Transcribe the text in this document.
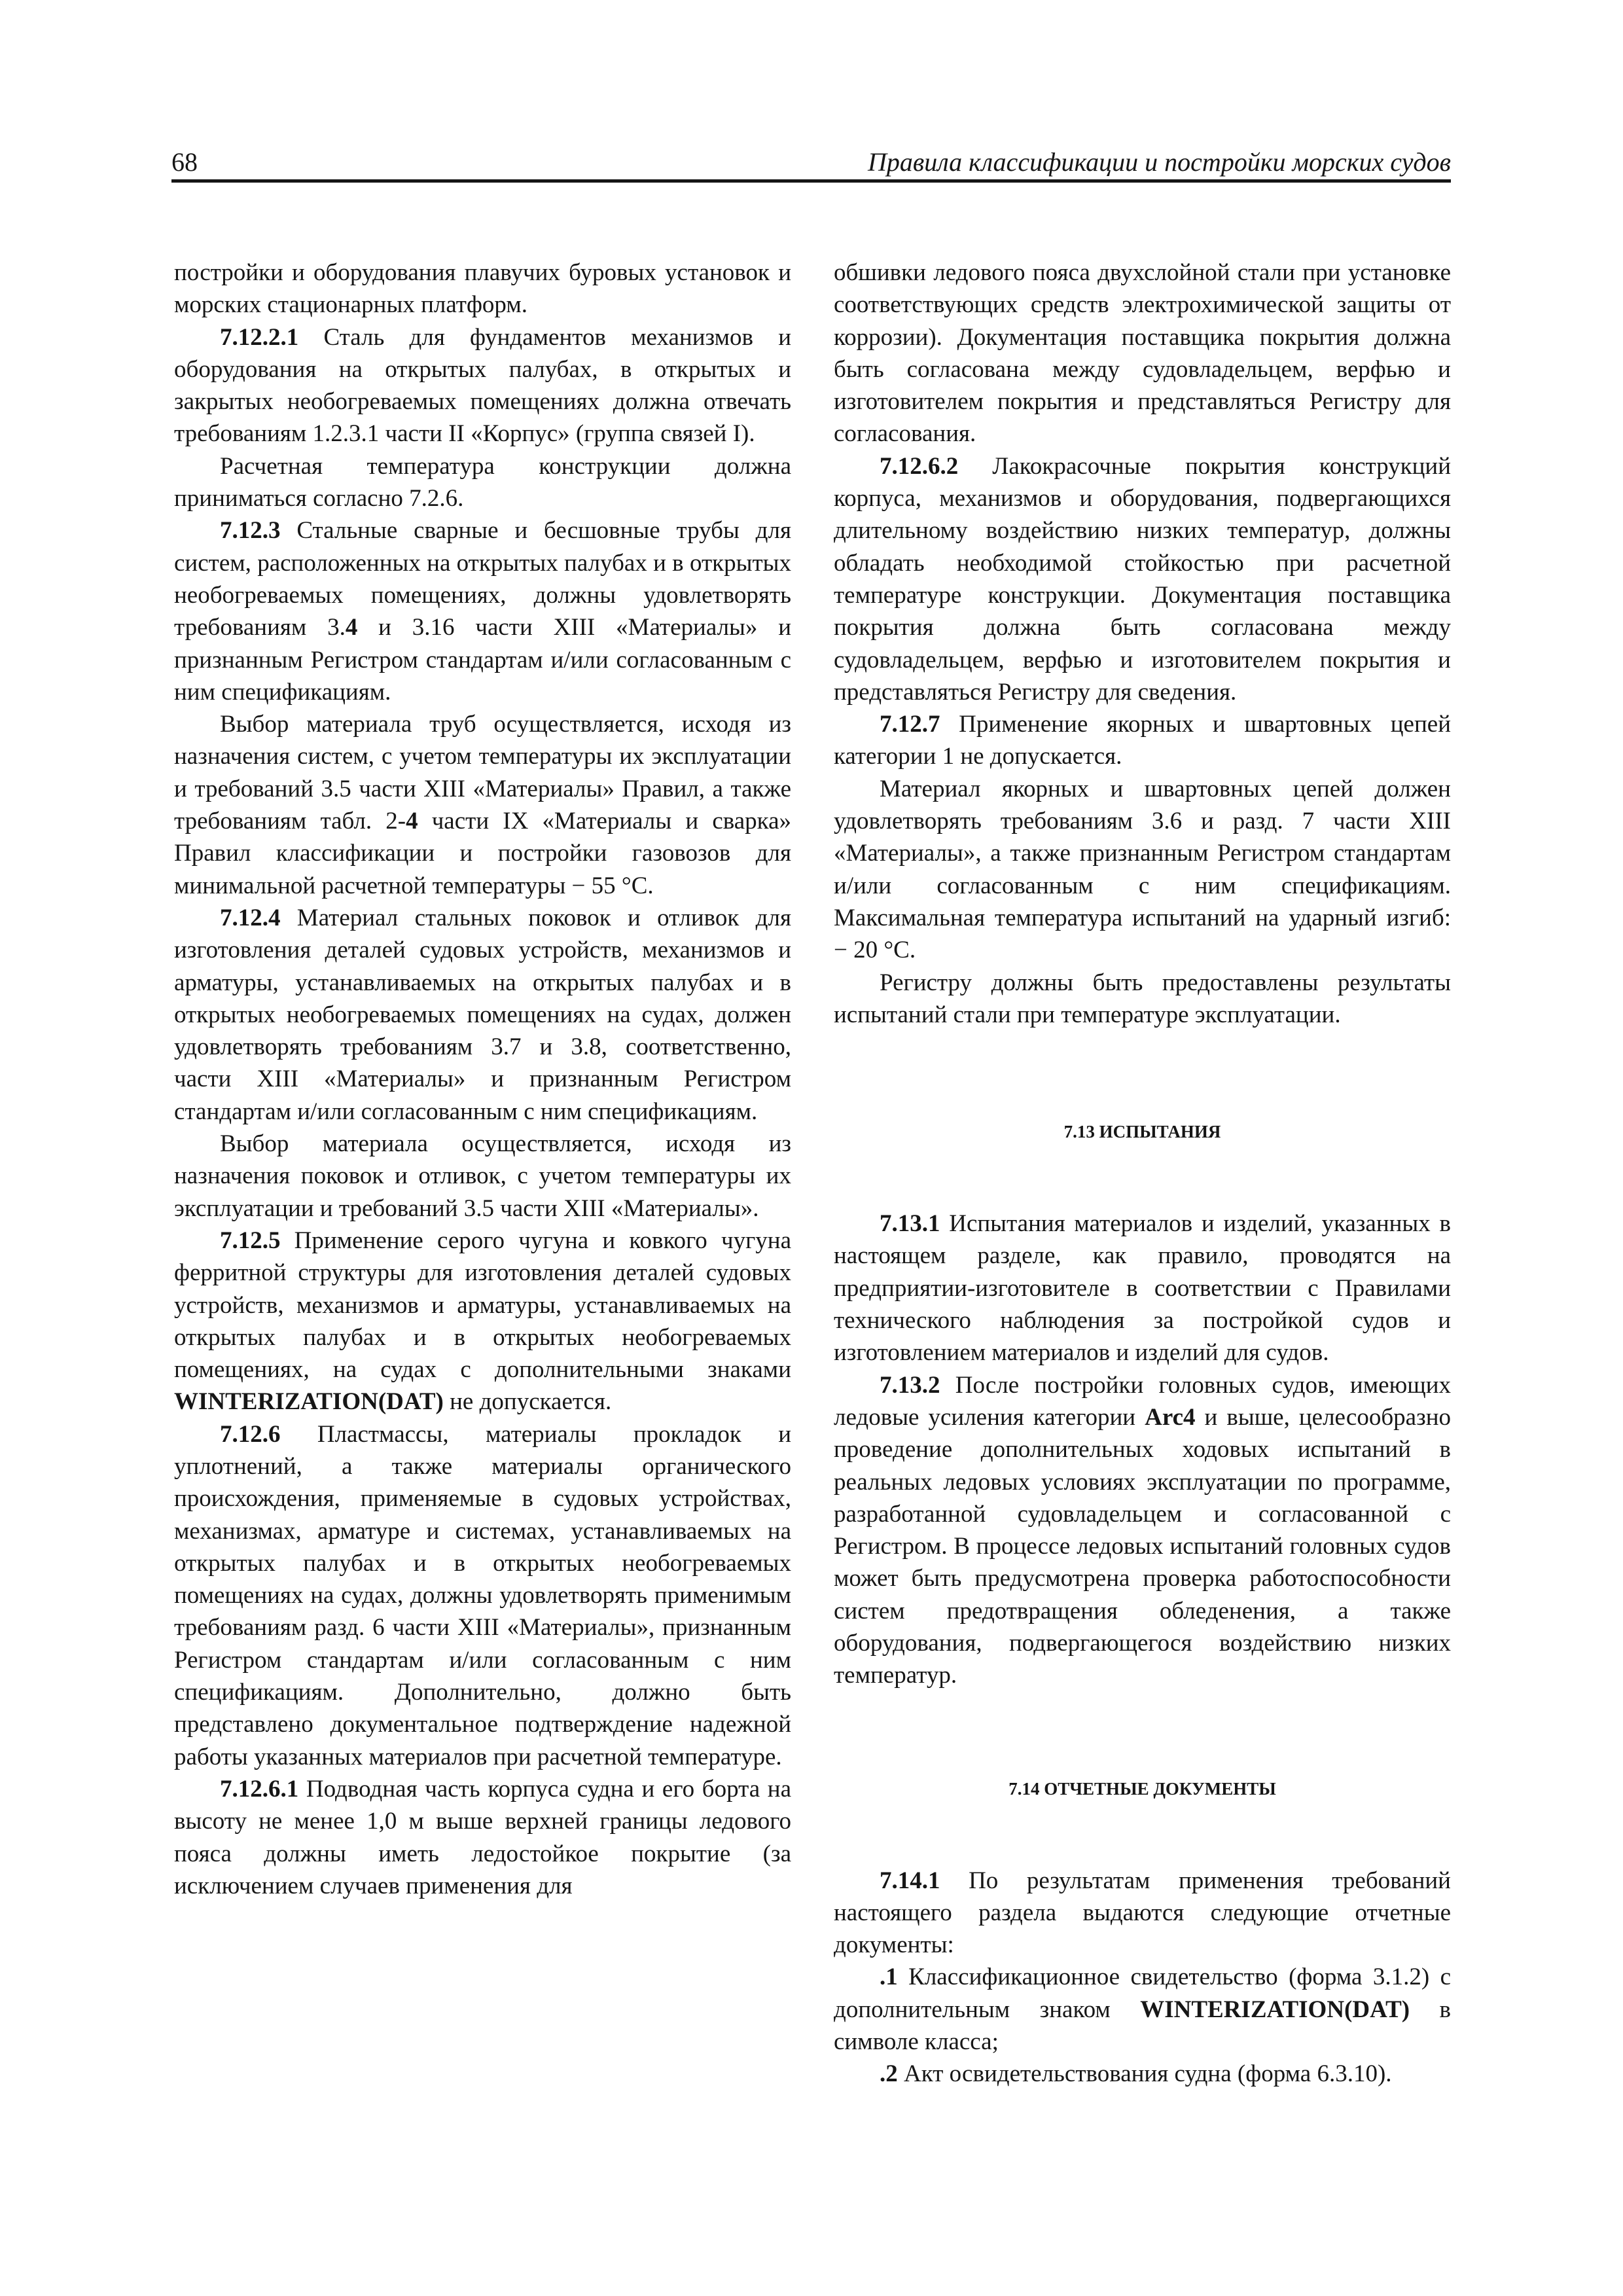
68	Правила классификации и постройки морских судов

постройки и оборудования плавучих буровых установок и морских стационарных платформ.

7.12.2.1 Сталь для фундаментов механизмов и оборудования на открытых палубах, в открытых и закрытых необогреваемых помещениях должна отвечать требованиям 1.2.3.1 части II «Корпус» (группа связей I).

Расчетная температура конструкции должна приниматься согласно 7.2.6.

7.12.3 Стальные сварные и бесшовные трубы для систем, расположенных на открытых палубах и в открытых необогреваемых помещениях, должны удовлетворять требованиям 3.4 и 3.16 части XIII «Материалы» и признанным Регистром стандартам и/или согласованным с ним спецификациям.

Выбор материала труб осуществляется, исходя из назначения систем, с учетом температуры их эксплуатации и требований 3.5 части XIII «Материалы» Правил, а также требованиям табл. 2-4 части IX «Материалы и сварка» Правил классификации и постройки газовозов для минимальной расчетной температуры − 55 °С.

7.12.4 Материал стальных поковок и отливок для изготовления деталей судовых устройств, механизмов и арматуры, устанавливаемых на открытых палубах и в открытых необогреваемых помещениях на судах, должен удовлетворять требованиям 3.7 и 3.8, соответственно, части XIII «Материалы» и признанным Регистром стандартам и/или согласованным с ним спецификациям.

Выбор материала осуществляется, исходя из назначения поковок и отливок, с учетом температуры их эксплуатации и требований 3.5 части XIII «Материалы».

7.12.5 Применение серого чугуна и ковкого чугуна ферритной структуры для изготовления деталей судовых устройств, механизмов и арматуры, устанавливаемых на открытых палубах и в открытых необогреваемых помещениях, на судах с дополнительными знаками WINTERIZATION(DAT) не допускается.

7.12.6 Пластмассы, материалы прокладок и уплотнений, а также материалы органического происхождения, применяемые в судовых устройствах, механизмах, арматуре и системах, устанавливаемых на открытых палубах и в открытых необогреваемых помещениях на судах, должны удовлетворять применимым требованиям разд. 6 части XIII «Материалы», признанным Регистром стандартам и/или согласованным с ним спецификациям. Дополнительно, должно быть представлено документальное подтверждение надежной работы указанных материалов при расчетной температуре.

7.12.6.1 Подводная часть корпуса судна и его борта на высоту не менее 1,0 м выше верхней границы ледового пояса должны иметь ледостойкое покрытие (за исключением случаев применения для

обшивки ледового пояса двухслойной стали при установке соответствующих средств электрохимической защиты от коррозии). Документация поставщика покрытия должна быть согласована между судовладельцем, верфью и изготовителем покрытия и представляться Регистру для согласования.

7.12.6.2 Лакокрасочные покрытия конструкций корпуса, механизмов и оборудования, подвергающихся длительному воздействию низких температур, должны обладать необходимой стойкостью при расчетной температуре конструкции. Документация поставщика покрытия должна быть согласована между судовладельцем, верфью и изготовителем покрытия и представляться Регистру для сведения.

7.12.7 Применение якорных и швартовных цепей категории 1 не допускается.

Материал якорных и швартовных цепей должен удовлетворять требованиям 3.6 и разд. 7 части XIII «Материалы», а также признанным Регистром стандартам и/или согласованным с ним спецификациям. Максимальная температура испытаний на ударный изгиб: − 20 °С.

Регистру должны быть предоставлены результаты испытаний стали при температуре эксплуатации.

7.13 ИСПЫТАНИЯ

7.13.1 Испытания материалов и изделий, указанных в настоящем разделе, как правило, проводятся на предприятии-изготовителе в соответствии с Правилами технического наблюдения за постройкой судов и изготовлением материалов и изделий для судов.

7.13.2 После постройки головных судов, имеющих ледовые усиления категории Arc4 и выше, целесообразно проведение дополнительных ходовых испытаний в реальных ледовых условиях эксплуатации по программе, разработанной судовладельцем и согласованной с Регистром. В процессе ледовых испытаний головных судов может быть предусмотрена проверка работоспособности систем предотвращения обледенения, а также оборудования, подвергающегося воздействию низких температур.

7.14 ОТЧЕТНЫЕ ДОКУМЕНТЫ

7.14.1 По результатам применения требований настоящего раздела выдаются следующие отчетные документы:

.1 Классификационное свидетельство (форма 3.1.2) с дополнительным знаком WINTERIZATION(DAT) в символе класса;

.2 Акт освидетельствования судна (форма 6.3.10).
